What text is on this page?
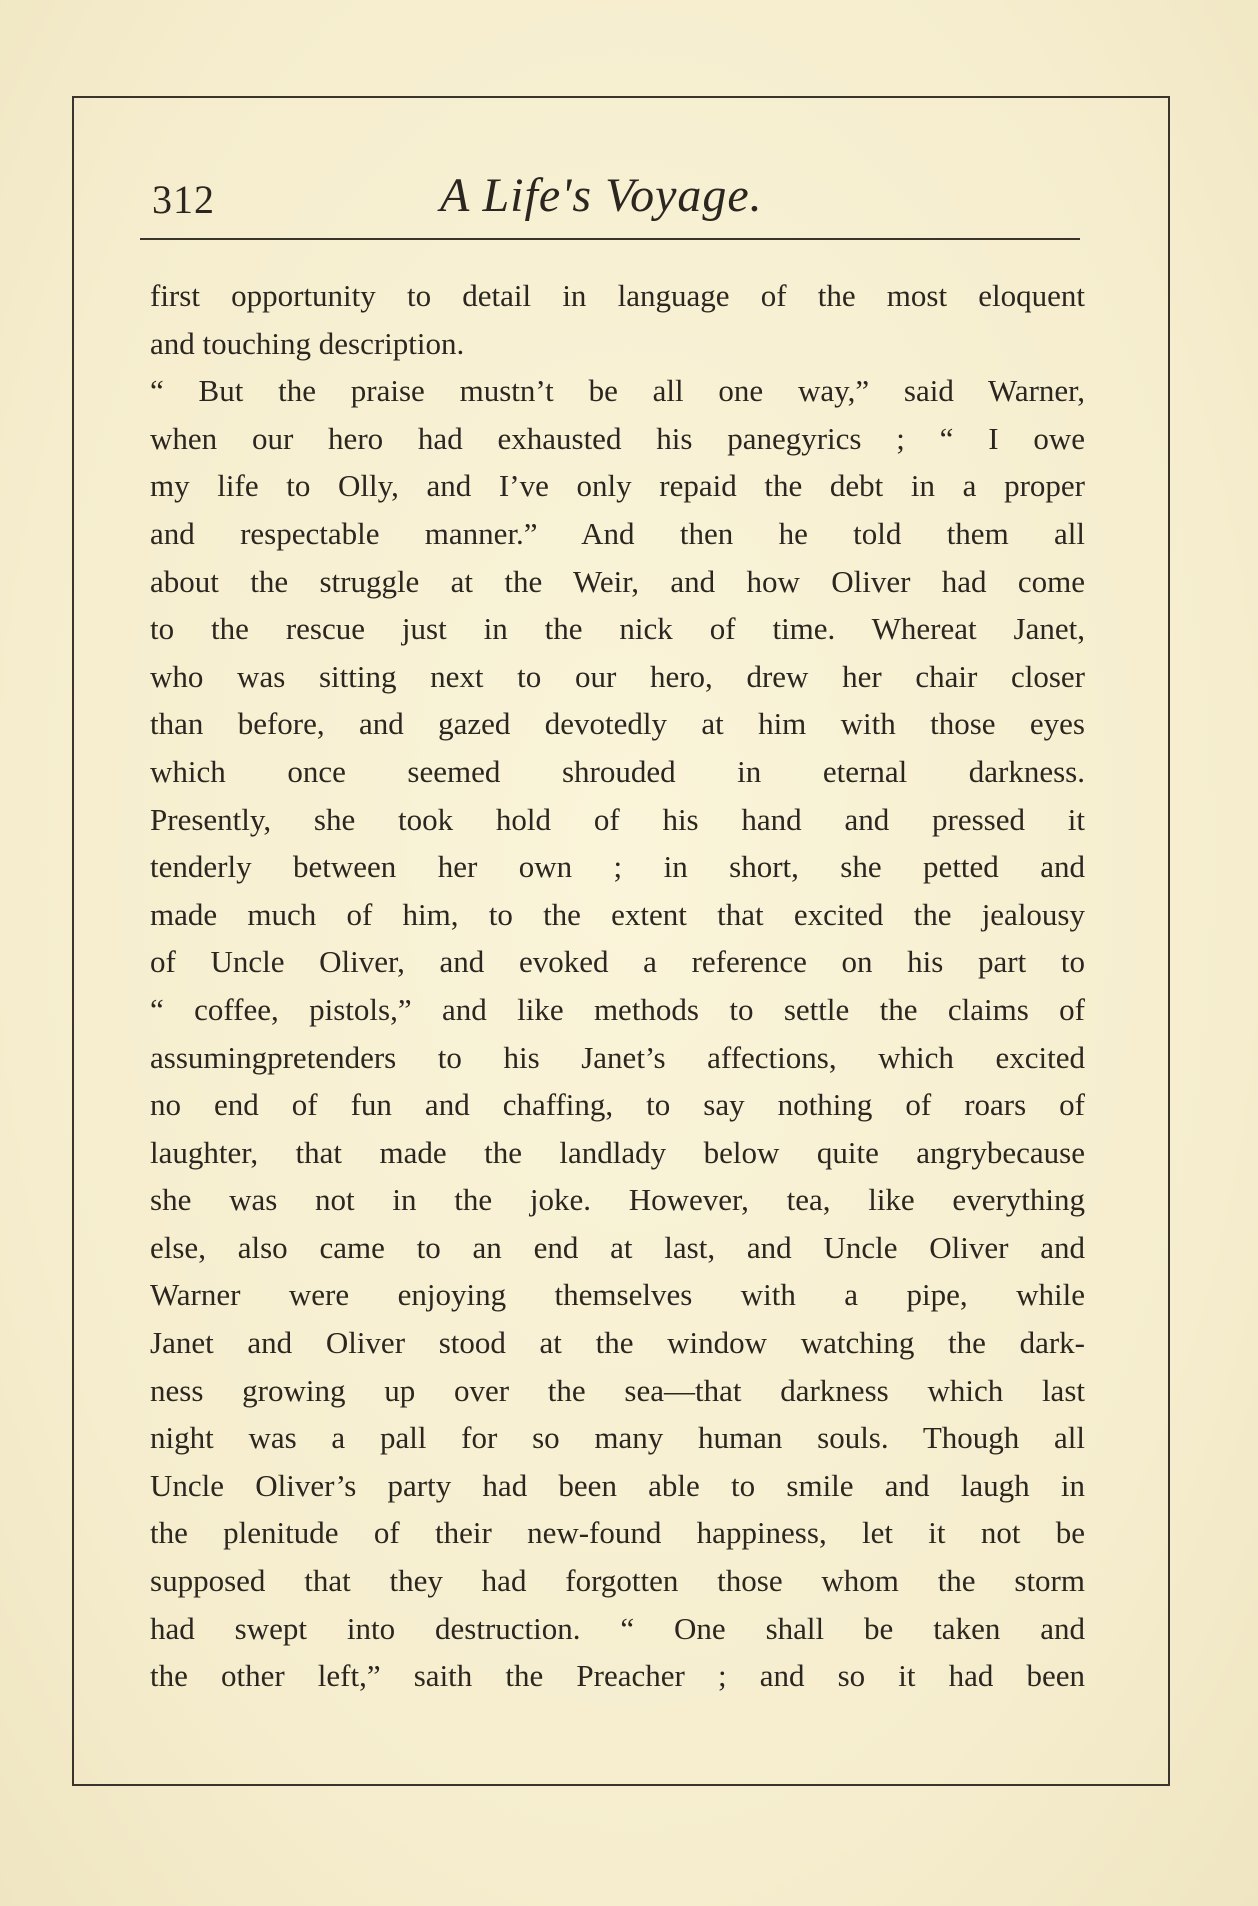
312	A Life's Voyage.
first opportunity to detail in language of the most eloquent
and touching description.
“ But the praise mustn’t be all one way,” said Warner,
when our hero had exhausted his panegyrics ; “ I owe
my life to Olly, and I’ve only repaid the debt in a proper
and respectable manner.” And then he told them all
about the struggle at the Weir, and how Oliver had come
to the rescue just in the nick of time. Whereat Janet,
who was sitting next to our hero, drew her chair closer
than before, and gazed devotedly at him with those eyes
which once seemed shrouded in eternal darkness.
Presently, she took hold of his hand and pressed it
tenderly between her own ; in short, she petted and
made much of him, to the extent that excited the jealousy
of Uncle Oliver, and evoked a reference on his part to
“ coffee, pistols,” and like methods to settle the claims of
assumingpretenders to his Janet’s affections, which excited
no end of fun and chaffing, to say nothing of roars of
laughter, that made the landlady below quite angrybecause
she was not in the joke. However, tea, like everything
else, also came to an end at last, and Uncle Oliver and
Warner were enjoying themselves with a pipe, while
Janet and Oliver stood at the window watching the dark-
ness growing up over the sea—that darkness which last
night was a pall for so many human souls. Though all
Uncle Oliver’s party had been able to smile and laugh in
the plenitude of their new-found happiness, let it not be
supposed that they had forgotten those whom the storm
had swept into destruction. “ One shall be taken and
the other left,” saith the Preacher ; and so it had been
